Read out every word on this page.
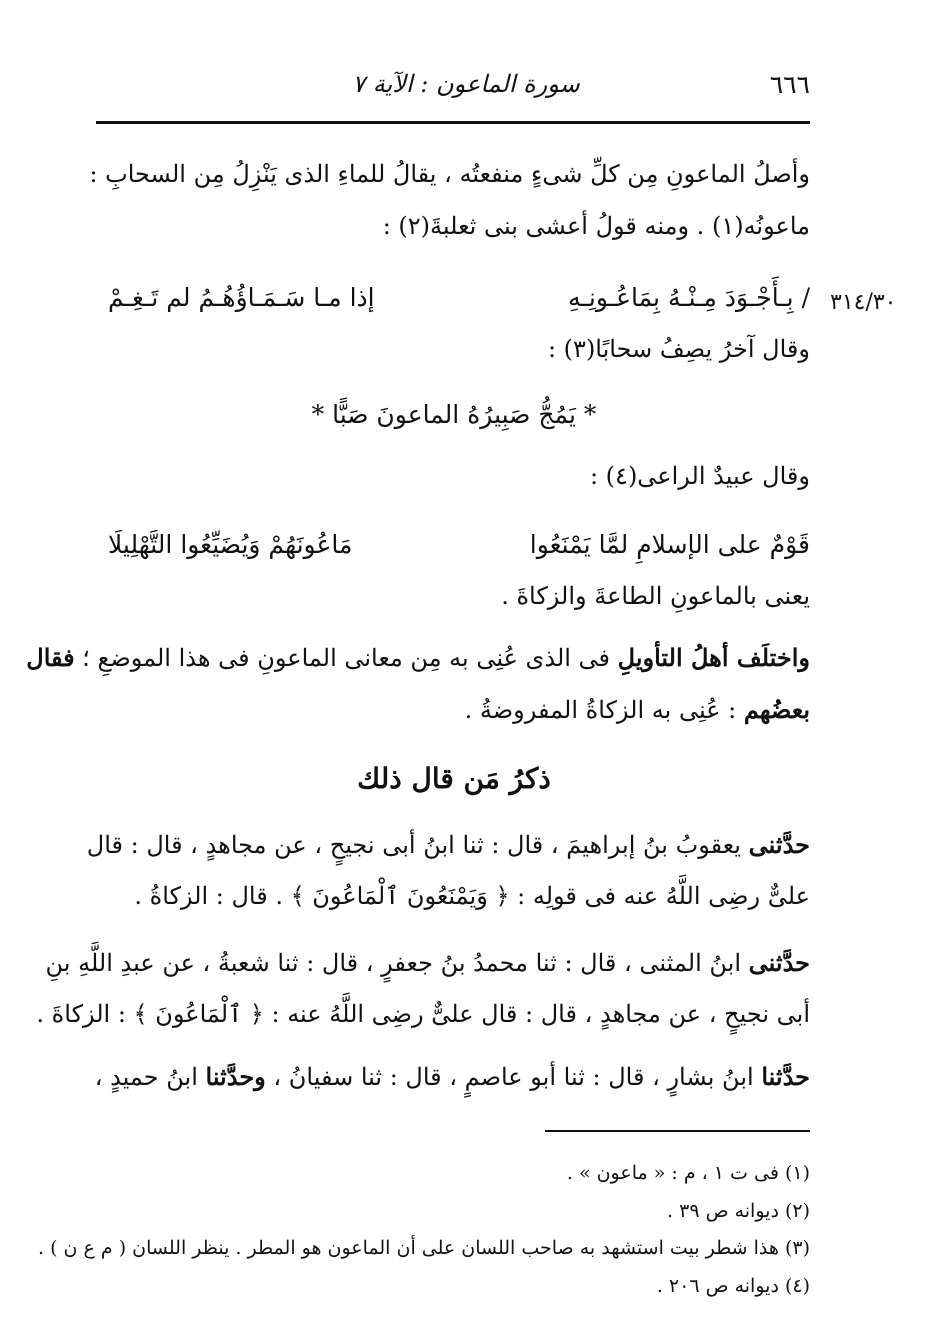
٦٦٦
سورة الماعون : الآية ٧
وأصلُ الماعونِ مِن كلِّ شىءٍ منفعتُه ، يقالُ للماءِ الذى يَنْزِلُ مِن السحابِ :
ماعونُه(١) . ومنه قولُ أعشى بنى ثعلبةَ(٢) :
٣١٤/٣٠
/ بِـأَجْـوَدَ مِـنْـهُ بِمَاعُـونِـهِ
إذا مـا سَـمَـاؤُهُـمُ لم تَـغِـمْ
وقال آخرُ يصِفُ سحابًا(٣) :
* يَمُجُّ صَبِيرُهُ الماعونَ صَبًّا *
وقال عبيدٌ الراعى(٤) :
قَوْمٌ على الإسلامِ لمَّا يَمْنَعُوا
مَاعُونَهُمْ وَيُضَيِّعُوا التَّهْلِيلَا
يعنى بالماعونِ الطاعةَ والزكاةَ .
واختلَف أهلُ التأويلِ فى الذى عُنِى به مِن معانى الماعونِ فى هذا الموضعِ ؛ فقال
بعضُهم : عُنِى به الزكاةُ المفروضةُ .
ذكرُ مَن قال ذلك
حدَّثنى يعقوبُ بنُ إبراهيمَ ، قال : ثنا ابنُ أبى نجيحٍ ، عن مجاهدٍ ، قال : قال
علىٌّ رضِى اللَّهُ عنه فى قولِه : ﴿ وَيَمْنَعُونَ ٱلْمَاعُونَ ﴾ . قال : الزكاةُ .
حدَّثنى ابنُ المثنى ، قال : ثنا محمدُ بنُ جعفرٍ ، قال : ثنا شعبةُ ، عن عبدِ اللَّهِ بنِ
أبى نجيحٍ ، عن مجاهدٍ ، قال : قال علىٌّ رضِى اللَّهُ عنه : ﴿ ٱلْمَاعُونَ ﴾ : الزكاةَ .
حدَّثنا ابنُ بشارٍ ، قال : ثنا أبو عاصمٍ ، قال : ثنا سفيانُ ، وحدَّثنا ابنُ حميدٍ ،
(١) فى ت ١ ، م : « ماعون » .
(٢) ديوانه ص ٣٩ .
(٣) هذا شطر بيت استشهد به صاحب اللسان على أن الماعون هو المطر . ينظر اللسان ( م ع ن ) .
(٤) ديوانه ص ٢٠٦ .
